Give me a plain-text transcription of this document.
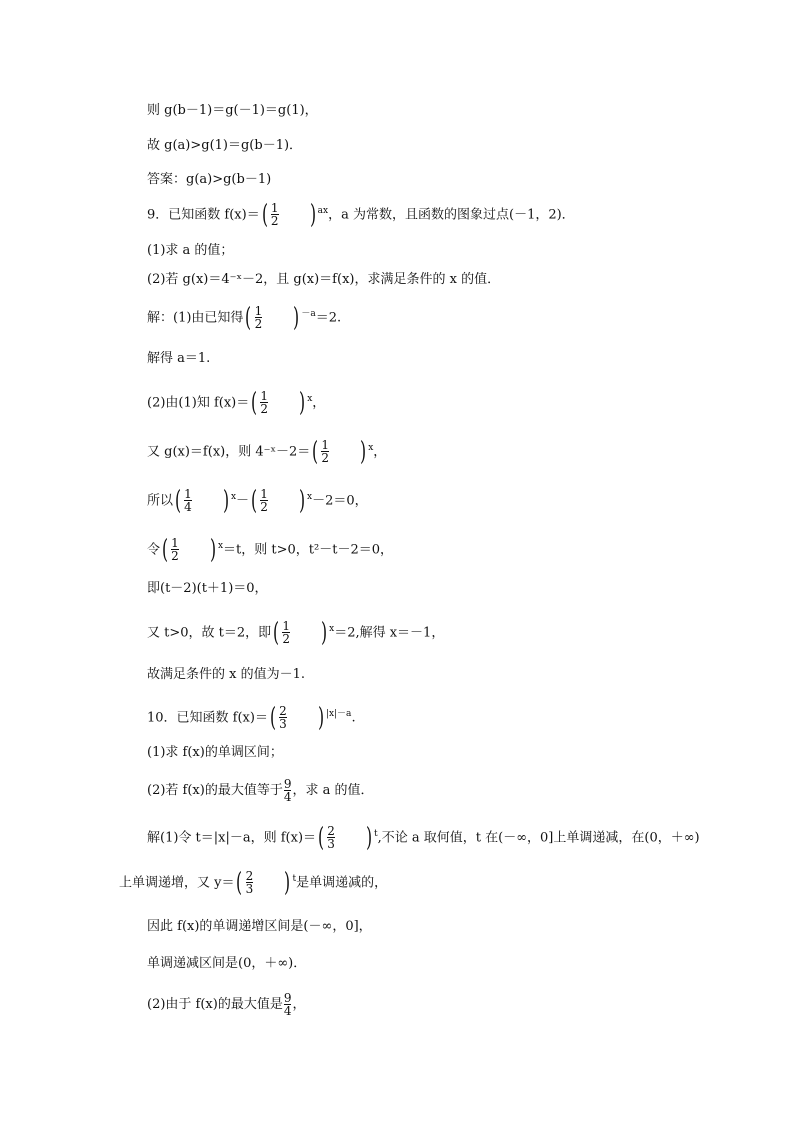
则 g(b－1)＝g(－1)＝g(1)，
故 g(a)>g(1)＝g(b－1)．
答案：g(a)>g(b－1)
9．已知函数 $f(x)=( \frac{1}{2}$ ) $^{ax}$，a 为常数，且函数的图象过点(－1，2)．
(1)求 a 的值；
(2)若 g(x)＝4⁻ˣ－2，且 g(x)＝f(x)，求满足条件的 x 的值．
解：(1)由已知得( $\frac{1}{2}$ ) $^{-a}$＝2.
解得 a＝1.
(2)由(1)知 $f(x)=( \frac{1}{2}$ ) $^x$，
又 g(x)＝f(x)，则 4⁻ˣ－2＝( $\frac{1}{2}$ ) $^x$，
所以( $\frac{1}{4}$ ) $^x-( \frac{1}{2}$ ) $^x$－2＝0，
令( $\frac{1}{2}$ ) $^x$＝t，则 t>0，t²－t－2＝0，
即(t－2)(t＋1)＝0，
又 t>0，故 t＝2，即( $\frac{1}{2}$ ) $^x$＝2,解得 x＝－1，
故满足条件的 x 的值为－1.
10．已知函数 $f(x)=( \frac{2}{3}$ ) $^{|x|-a}$.
(1)求 f(x)的单调区间；
(2)若 f(x)的最大值等于 $\frac{9}{4}$ ，求 a 的值．
解(1)令 t＝|x|－a，则 $f(x)=( \frac{2}{3}$ ) $^t$,不论 a 取何值，t 在(－∞，0]上单调递减，在(0，＋∞)
上单调递增，又 $y=( \frac{2}{3}$ ) $^t$是单调递减的，
因此 f(x)的单调递增区间是(－∞，0]，
单调递减区间是(0，＋∞)．
(2)由于 f(x)的最大值是 $\frac{9}{4}$ ，
